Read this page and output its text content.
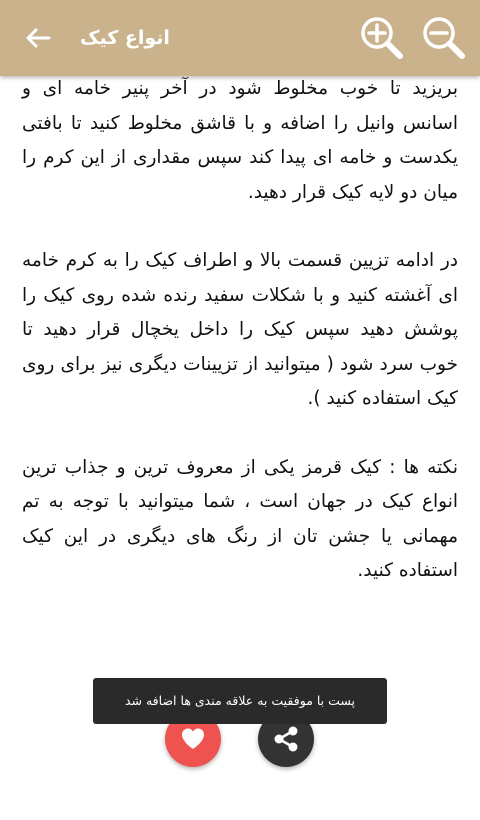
بریزید تا خوب مخلوط شود در آخر پنیر خامه ای و اسانس وانیل را اضافه و با قاشق مخلوط کنید تا بافتی یکدست و خامه ای پیدا کند سپس مقداری از این کرم را میان دو لایه کیک قرار دهید.

در ادامه تزیین قسمت بالا و اطراف کیک را به کرم خامه ای آغشته کنید و با شکلات سفید رنده شده روی کیک را پوشش دهید سپس کیک را داخل یخچال قرار دهید تا خوب سرد شود ( میتوانید از تزیینات دیگری نیز برای روی کیک استفاده کنید ).

نکته ها : کیک قرمز یکی از معروف ترین و جذاب ترین انواع کیک در جهان است ، شما میتوانید با توجه به تم مهمانی یا جشن تان از رنگ های دیگری در این کیک استفاده کنید.

انواع کیک
پست با موفقیت به علاقه مندی ها اضافه شد
